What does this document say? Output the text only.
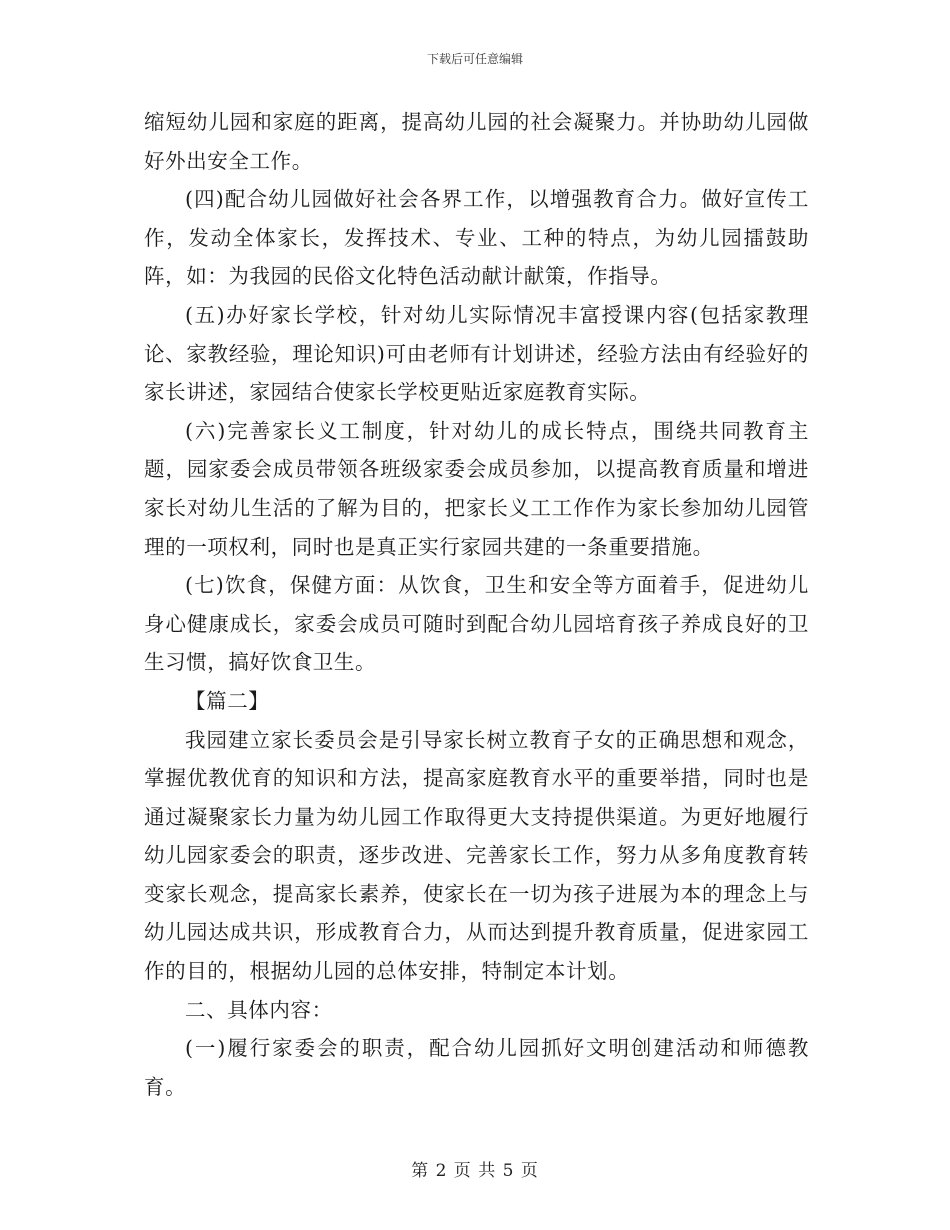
下载后可任意编辑

缩短幼儿园和家庭的距离，提高幼儿园的社会凝聚力。并协助幼儿园做好外出安全工作。

(四)配合幼儿园做好社会各界工作，以增强教育合力。做好宣传工作，发动全体家长，发挥技术、专业、工种的特点，为幼儿园擂鼓助阵，如：为我园的民俗文化特色活动献计献策，作指导。

(五)办好家长学校，针对幼儿实际情况丰富授课内容(包括家教理论、家教经验，理论知识)可由老师有计划讲述，经验方法由有经验好的家长讲述，家园结合使家长学校更贴近家庭教育实际。

(六)完善家长义工制度，针对幼儿的成长特点，围绕共同教育主题，园家委会成员带领各班级家委会成员参加，以提高教育质量和增进家长对幼儿生活的了解为目的，把家长义工工作作为家长参加幼儿园管理的一项权利，同时也是真正实行家园共建的一条重要措施。

(七)饮食，保健方面：从饮食，卫生和安全等方面着手，促进幼儿身心健康成长，家委会成员可随时到配合幼儿园培育孩子养成良好的卫生习惯，搞好饮食卫生。

【篇二】

我园建立家长委员会是引导家长树立教育子女的正确思想和观念，掌握优教优育的知识和方法，提高家庭教育水平的重要举措，同时也是通过凝聚家长力量为幼儿园工作取得更大支持提供渠道。为更好地履行幼儿园家委会的职责，逐步改进、完善家长工作，努力从多角度教育转变家长观念，提高家长素养，使家长在一切为孩子进展为本的理念上与幼儿园达成共识，形成教育合力，从而达到提升教育质量，促进家园工作的目的，根据幼儿园的总体安排，特制定本计划。

二、具体内容：

(一)履行家委会的职责，配合幼儿园抓好文明创建活动和师德教育。

第 2 页 共 5 页
